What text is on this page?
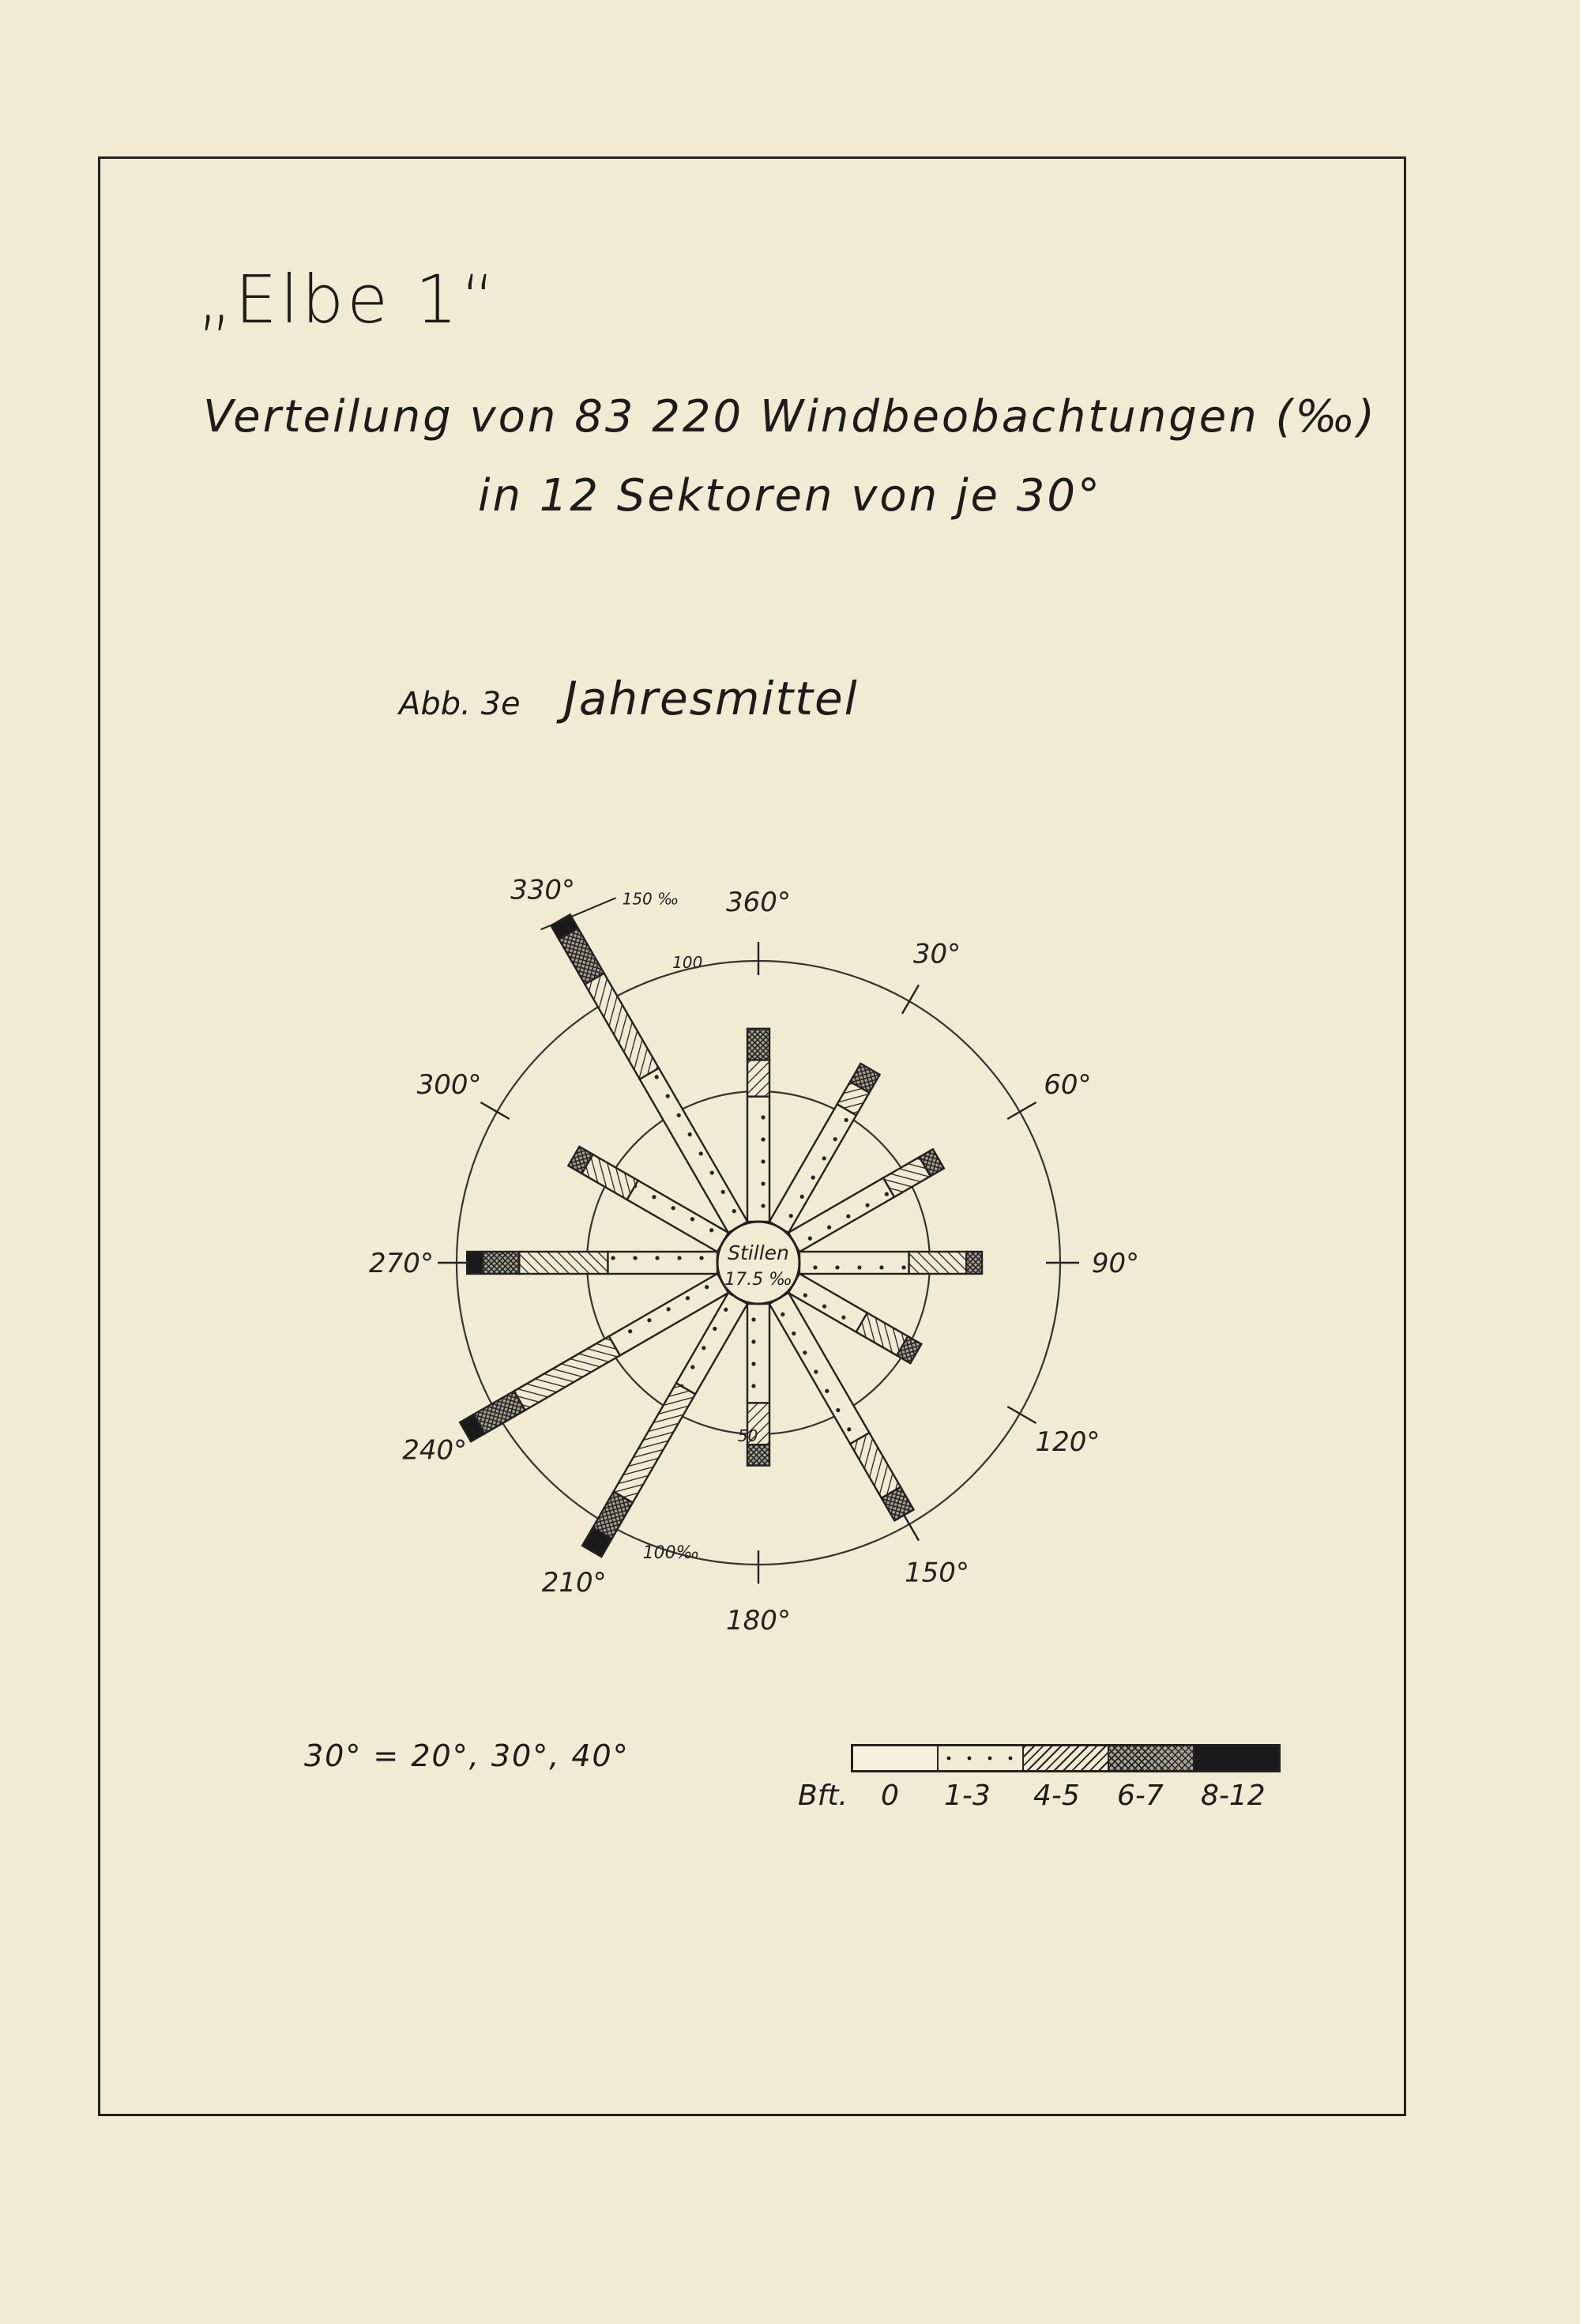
„Elbe 1“
Verteilung von 83 220 Windbeobachtungen (‰)
in 12 Sektoren von je 30°
Abb. 3e Jahresmittel
Stillen
17.5 ‰
360°
30°
60°
90°
120°
150°
180°
210°
240°
270°
300°
330°
50
100
100‰
150 ‰
30° = 20°, 30°, 40°
Bft. 0 1-3 4-5 6-7 8-12
